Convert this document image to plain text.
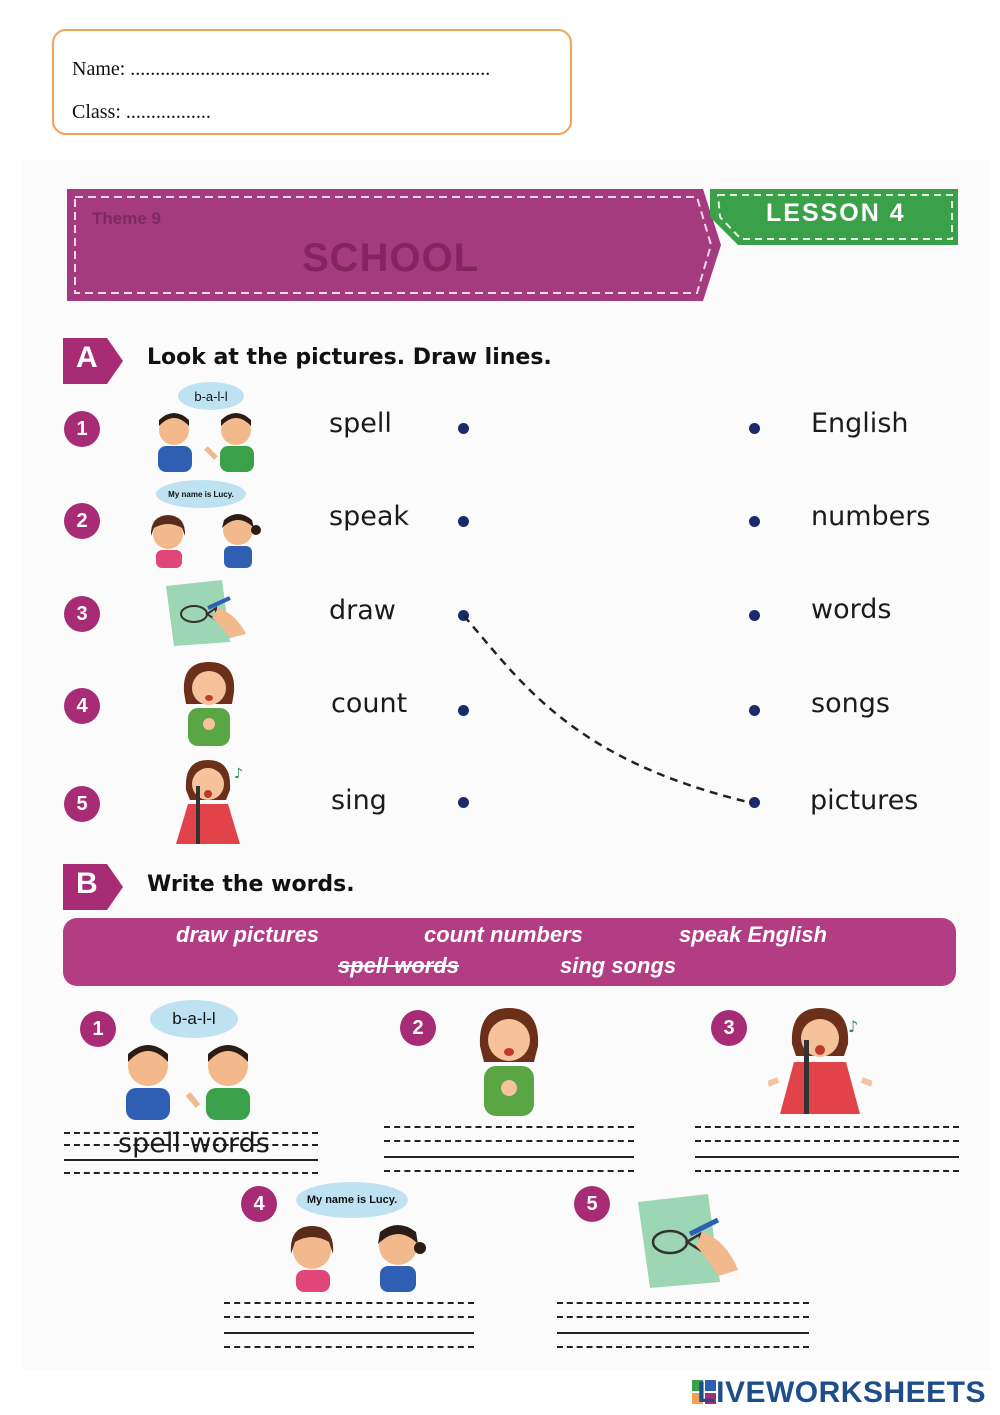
Name: ........................................................................
Class: .................
Theme 9
SCHOOL
LESSON 4
A Look at the pictures. Draw lines.
1
b-a-l-l
spell	English
2
My name is Lucy.
speak	numbers
3	draw	words
4	count	songs
5
♪
sing	pictures
B Write the words.
draw pictures	count numbers	speak English
spell words	sing songs
1	b-a-l-l
spell words
2	3	♪
4	My name is Lucy.	5
LIVEWORKSHEETS
